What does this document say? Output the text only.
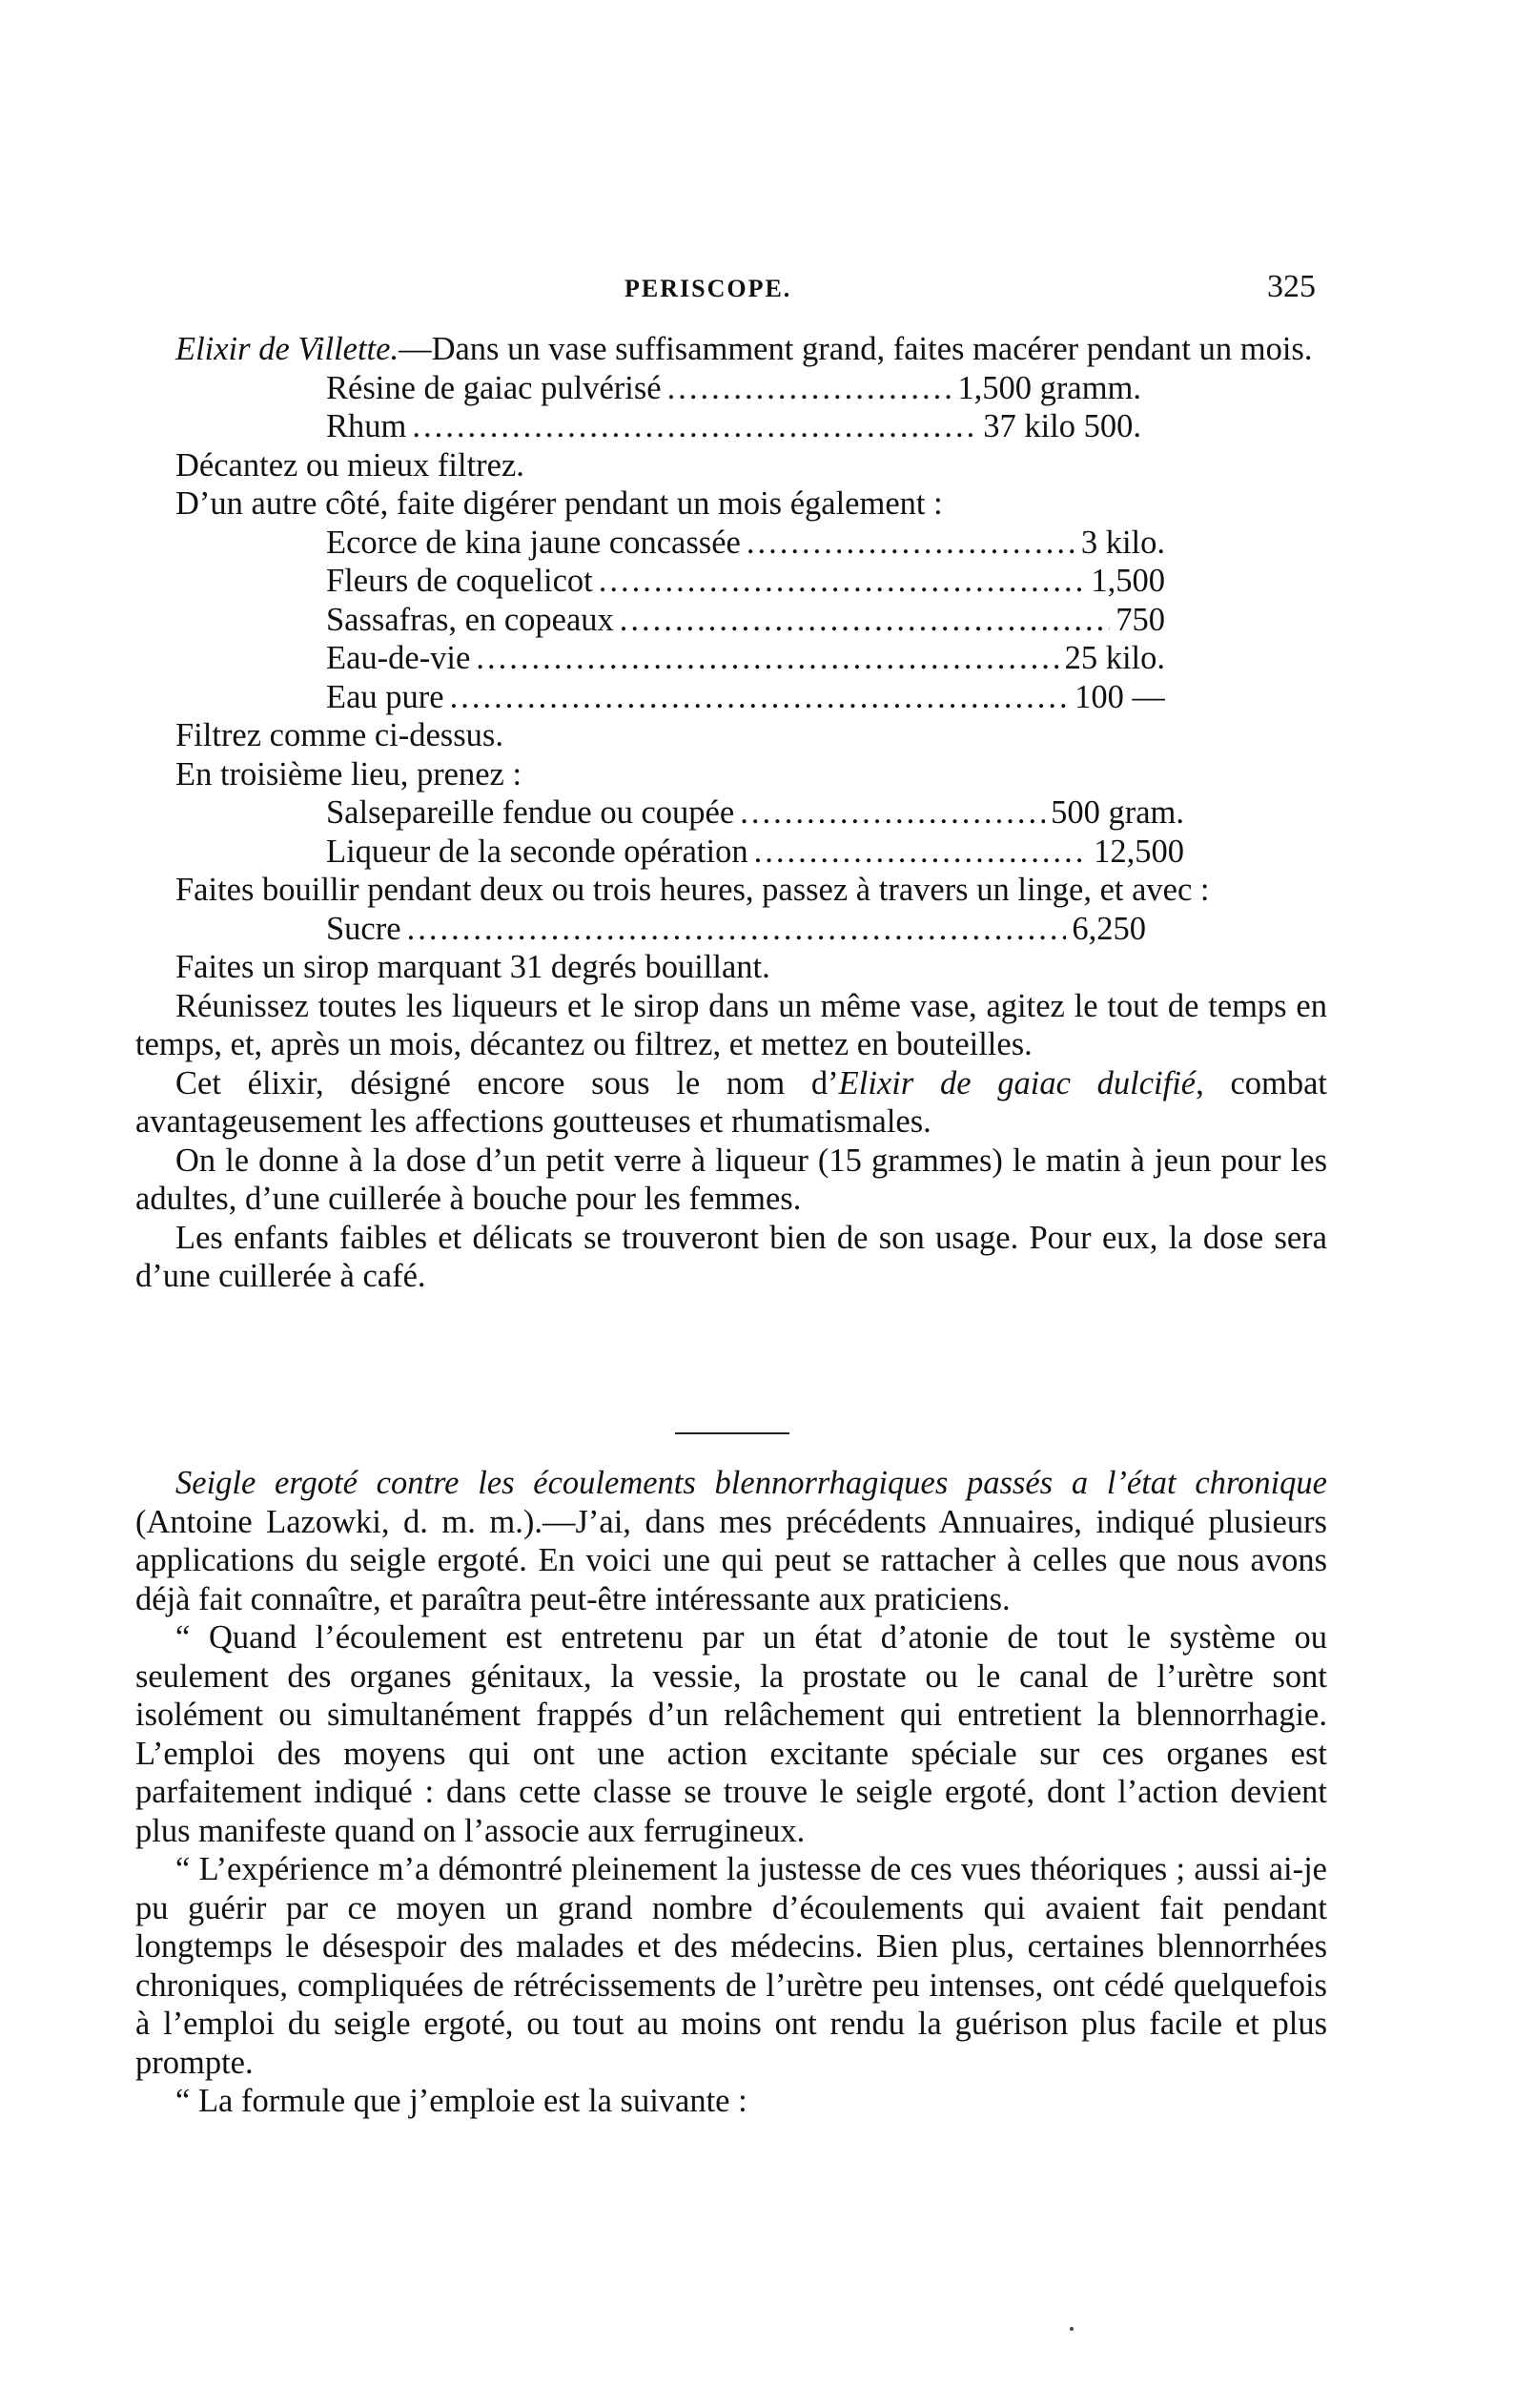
PERISCOPE.	325

Elixir de Villette.—Dans un vase suffisamment grand, faites macérer pendant un mois.

Résine de gaiac pulvérisé .....	1,500 gramm.
Rhum .....	37 kilo 500.

Décantez ou mieux filtrez.

D’un autre côté, faite digérer pendant un mois également :

Ecorce de kina jaune concassée .....	3 kilo.
Fleurs de coquelicot .....	1,500
Sassafras, en copeaux .....	750
Eau-de-vie .....	25 kilo.
Eau pure .....	100 —

Filtrez comme ci-dessus.

En troisième lieu, prenez :

Salsepareille fendue ou coupée .....	500 gram.
Liqueur de la seconde opération .....	12,500

Faites bouillir pendant deux ou trois heures, passez à travers un linge, et avec :

Sucre .....	6,250

Faites un sirop marquant 31 degrés bouillant.

Réunissez toutes les liqueurs et le sirop dans un même vase, agitez le tout de temps en temps, et, après un mois, décantez ou filtrez, et mettez en bouteilles.

Cet élixir, désigné encore sous le nom d’Elixir de gaiac dulcifié, combat avantageusement les affections goutteuses et rhumatismales.

On le donne à la dose d’un petit verre à liqueur (15 grammes) le matin à jeun pour les adultes, d’une cuillerée à bouche pour les femmes.

Les enfants faibles et délicats se trouveront bien de son usage. Pour eux, la dose sera d’une cuillerée à café.

Seigle ergoté contre les écoulements blennorrhagiques passés a l’état chronique (Antoine Lazowki, d. m. m.).—J’ai, dans mes précédents Annuaires, indiqué plusieurs applications du seigle ergoté. En voici une qui peut se rattacher à celles que nous avons déjà fait connaître, et paraîtra peut-être intéressante aux praticiens.

“ Quand l’écoulement est entretenu par un état d’atonie de tout le système ou seulement des organes génitaux, la vessie, la prostate ou le canal de l’urètre sont isolément ou simultanément frappés d’un relâchement qui entretient la blennorrhagie. L’emploi des moyens qui ont une action excitante spéciale sur ces organes est parfaitement indiqué : dans cette classe se trouve le seigle ergoté, dont l’action devient plus manifeste quand on l’associe aux ferrugineux.

“ L’expérience m’a démontré pleinement la justesse de ces vues théoriques ; aussi ai-je pu guérir par ce moyen un grand nombre d’écoulements qui avaient fait pendant longtemps le désespoir des malades et des médecins. Bien plus, certaines blennorrhées chroniques, compliquées de rétrécissements de l’urètre peu intenses, ont cédé quelquefois à l’emploi du seigle ergoté, ou tout au moins ont rendu la guérison plus facile et plus prompte.

“ La formule que j’emploie est la suivante :
